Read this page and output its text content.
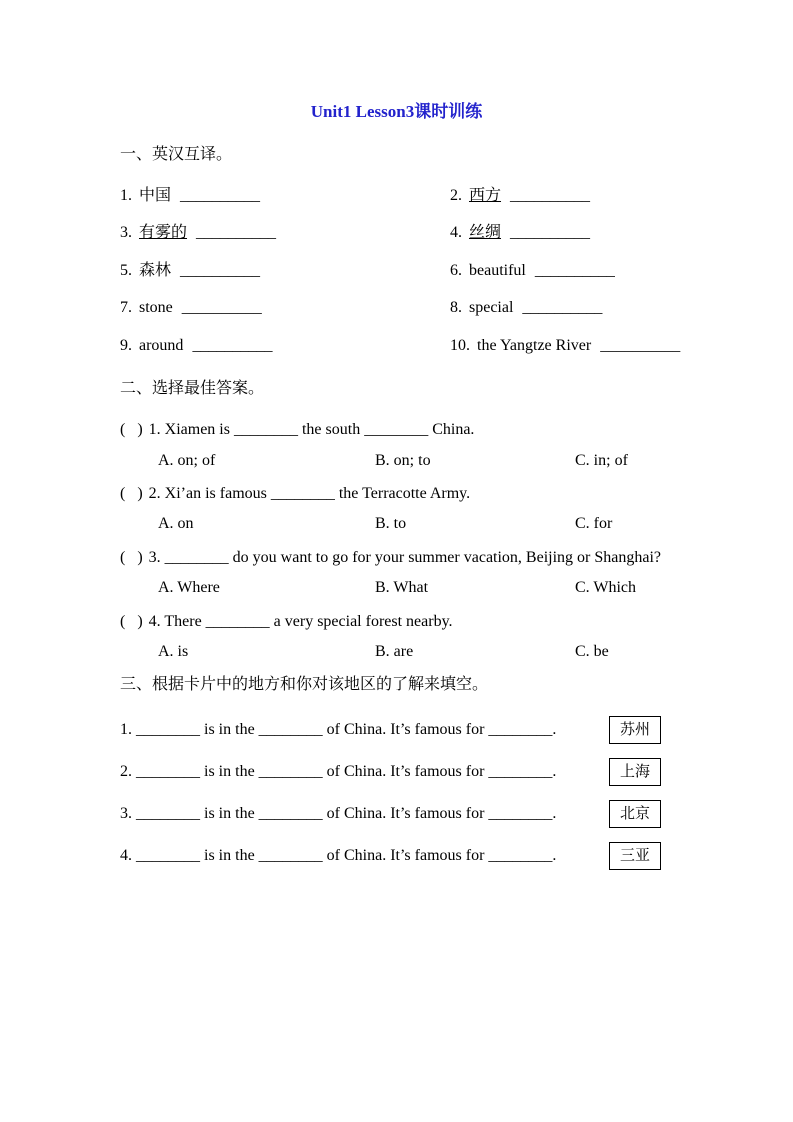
Unit1 Lesson3课时训练
一、英汉互译。
1. 中国 __________	2. 西方 __________
3. 有雾的 __________	4. 丝绸 __________
5. 森林 __________	6. beautiful __________
7. stone __________	8. special __________
9. around __________	10. the Yangtze River __________
二、选择最佳答案。
(   ) 1. Xiamen is ________ the south ________ China.
A. on; of	B. on; to	C. in; of
(   ) 2. Xi’an is famous ________ the Terracotte Army.
A. on	B. to	C. for
(   ) 3. ________ do you want to go for your summer vacation, Beijing or Shanghai?
A. Where	B. What	C. Which
(   ) 4. There ________ a very special forest nearby.
A. is	B. are	C. be
三、根据卡片中的地方和你对该地区的了解来填空。
1. ________ is in the ________ of China. It’s famous for ________.	苏州
2. ________ is in the ________ of China. It’s famous for ________.	上海
3. ________ is in the ________ of China. It’s famous for ________.	北京
4. ________ is in the ________ of China. It’s famous for ________.	三亚
